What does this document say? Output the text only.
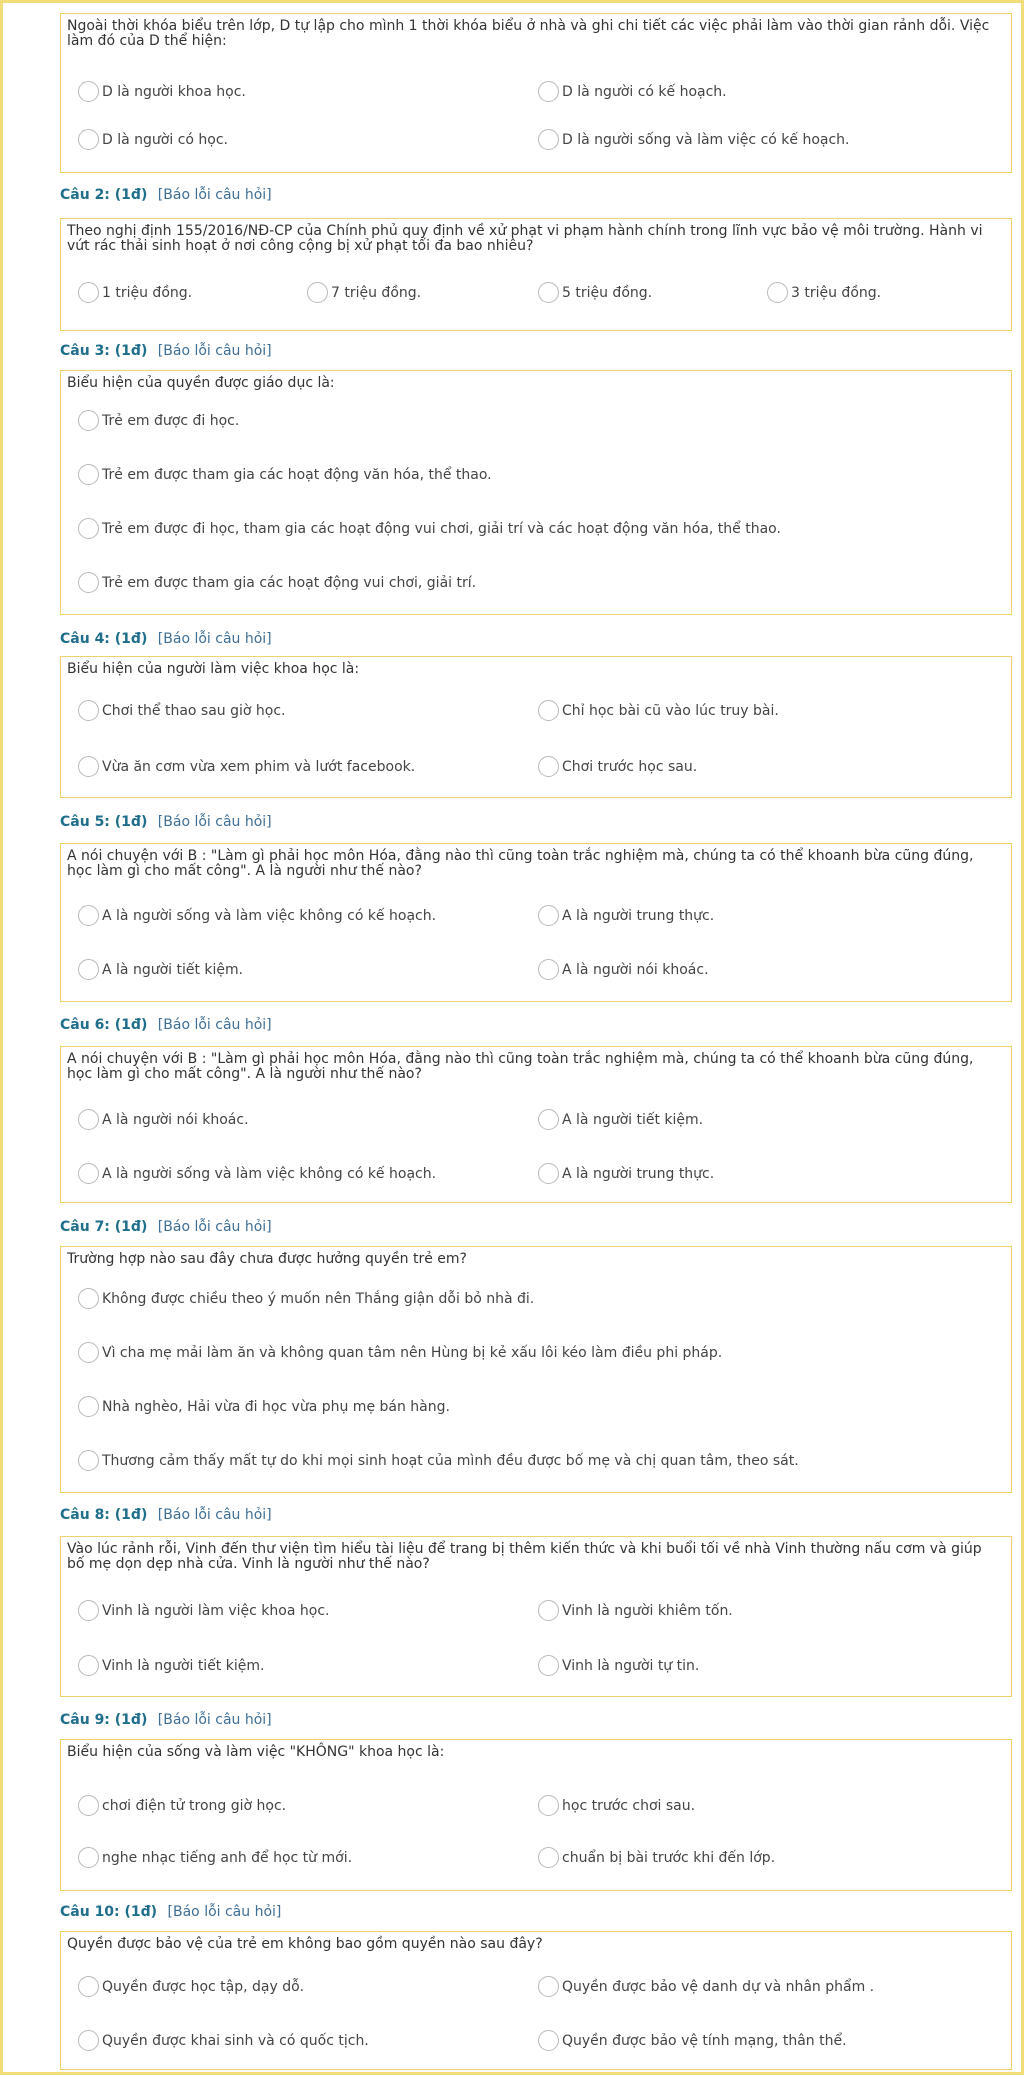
Ngoài thời khóa biểu trên lớp, D tự lập cho mình 1 thời khóa biểu ở nhà và ghi chi tiết các việc phải làm vào thời gian rảnh dỗi. Việc làm đó của D thể hiện:
D là người khoa học.	D là người có kế hoạch.
D là người có học.	D là người sống và làm việc có kế hoạch.
Câu 2: (1đ) [Báo lỗi câu hỏi]
Theo nghị định 155/2016/NĐ-CP của Chính phủ quy định về xử phạt vi phạm hành chính trong lĩnh vực bảo vệ môi trường. Hành vi vứt rác thải sinh hoạt ở nơi công cộng bị xử phạt tối đa bao nhiêu?
1 triệu đồng.	7 triệu đồng.	5 triệu đồng.	3 triệu đồng.
Câu 3: (1đ) [Báo lỗi câu hỏi]
Biểu hiện của quyền được giáo dục là:
Trẻ em được đi học.
Trẻ em được tham gia các hoạt động văn hóa, thể thao.
Trẻ em được đi học, tham gia các hoạt động vui chơi, giải trí và các hoạt động văn hóa, thể thao.
Trẻ em được tham gia các hoạt động vui chơi, giải trí.
Câu 4: (1đ) [Báo lỗi câu hỏi]
Biểu hiện của người làm việc khoa học là:
Chơi thể thao sau giờ học.	Chỉ học bài cũ vào lúc truy bài.
Vừa ăn cơm vừa xem phim và lướt facebook.	Chơi trước học sau.
Câu 5: (1đ) [Báo lỗi câu hỏi]
A nói chuyện với B : "Làm gì phải học môn Hóa, đằng nào thì cũng toàn trắc nghiệm mà, chúng ta có thể khoanh bừa cũng đúng, học làm gì cho mất công". A là người như thế nào?
A là người sống và làm việc không có kế hoạch.	A là người trung thực.
A là người tiết kiệm.	A là người nói khoác.
Câu 6: (1đ) [Báo lỗi câu hỏi]
A nói chuyện với B : "Làm gì phải học môn Hóa, đằng nào thì cũng toàn trắc nghiệm mà, chúng ta có thể khoanh bừa cũng đúng, học làm gì cho mất công". A là người như thế nào?
A là người nói khoác.	A là người tiết kiệm.
A là người sống và làm việc không có kế hoạch.	A là người trung thực.
Câu 7: (1đ) [Báo lỗi câu hỏi]
Trường hợp nào sau đây chưa được hưởng quyền trẻ em?
Không được chiều theo ý muốn nên Thắng giận dỗi bỏ nhà đi.
Vì cha mẹ mải làm ăn và không quan tâm nên Hùng bị kẻ xấu lôi kéo làm điều phi pháp.
Nhà nghèo, Hải vừa đi học vừa phụ mẹ bán hàng.
Thương cảm thấy mất tự do khi mọi sinh hoạt của mình đều được bố mẹ và chị quan tâm, theo sát.
Câu 8: (1đ) [Báo lỗi câu hỏi]
Vào lúc rảnh rỗi, Vinh đến thư viện tìm hiểu tài liệu để trang bị thêm kiến thức và khi buổi tối về nhà Vinh thường nấu cơm và giúp bố mẹ dọn dẹp nhà cửa. Vinh là người như thế nào?
Vinh là người làm việc khoa học.	Vinh là người khiêm tốn.
Vinh là người tiết kiệm.	Vinh là người tự tin.
Câu 9: (1đ) [Báo lỗi câu hỏi]
Biểu hiện của sống và làm việc "KHÔNG" khoa học là:
chơi điện tử trong giờ học.	học trước chơi sau.
nghe nhạc tiếng anh để học từ mới.	chuẩn bị bài trước khi đến lớp.
Câu 10: (1đ) [Báo lỗi câu hỏi]
Quyền được bảo vệ của trẻ em không bao gồm quyền nào sau đây?
Quyền được học tập, dạy dỗ.	Quyền được bảo vệ danh dự và nhân phẩm .
Quyền được khai sinh và có quốc tịch.	Quyền được bảo vệ tính mạng, thân thể.
